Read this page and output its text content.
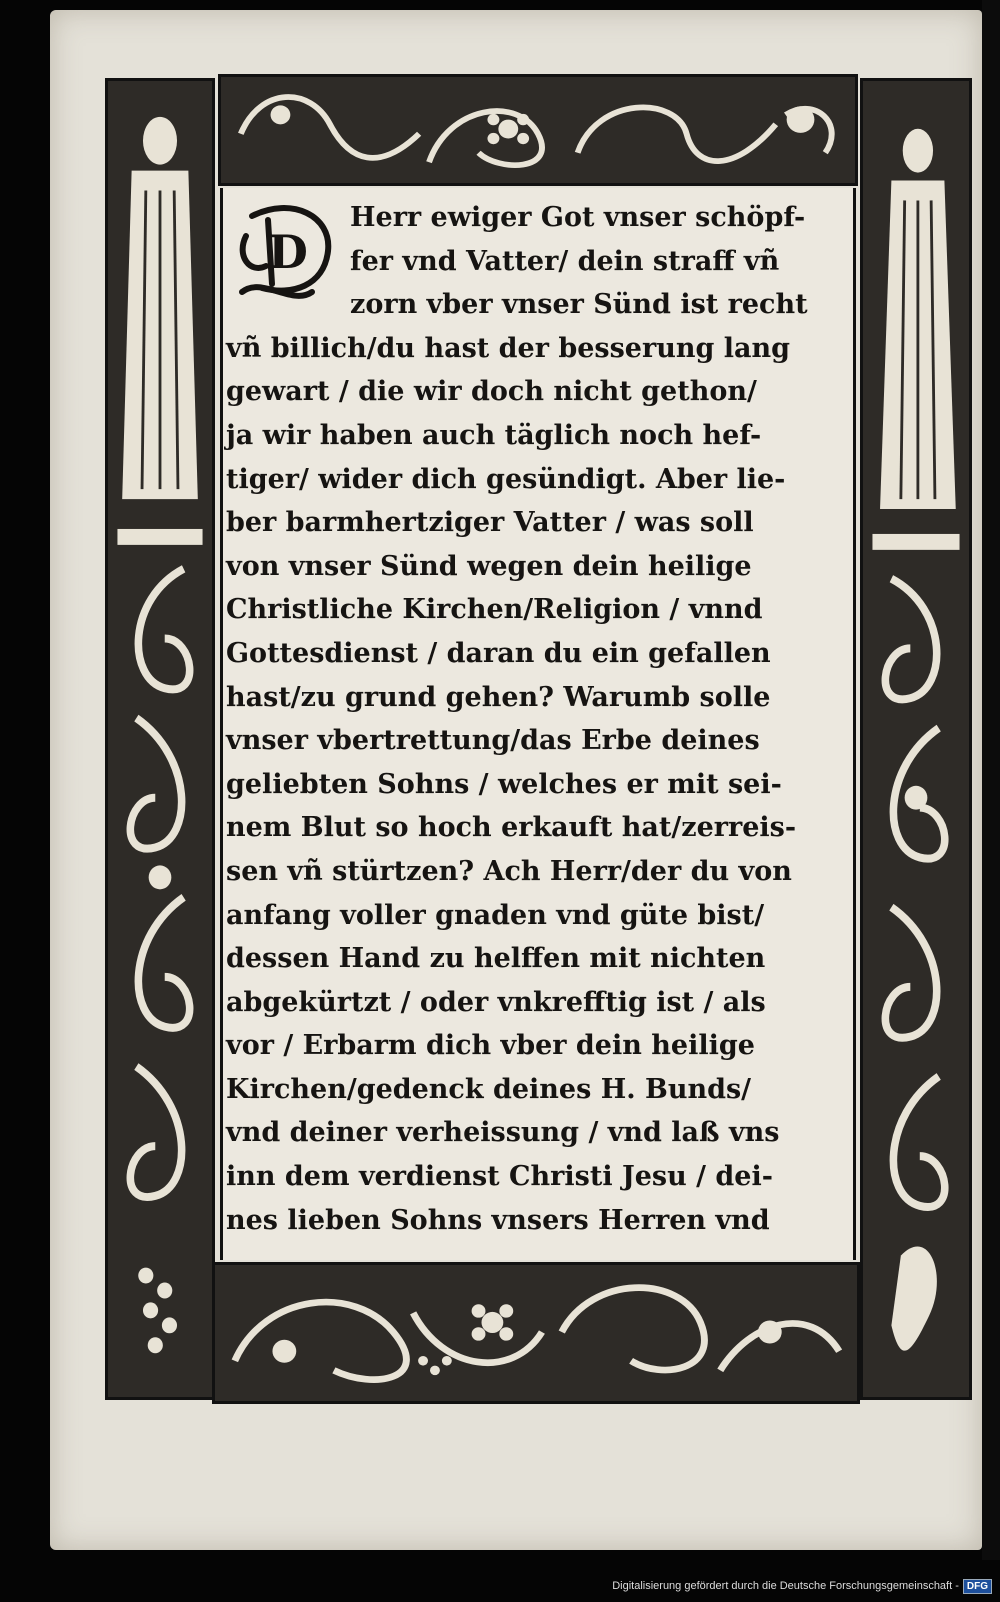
D
Herr ewiger Got vnser schöpf-
fer vnd Vatter/ dein straff vñ
zorn vber vnser Sünd ist recht
vñ billich/du hast der besserung lang
gewart / die wir doch nicht gethon/
ja wir haben auch täglich noch hef-
tiger/ wider dich gesündigt. Aber lie-
ber barmhertziger Vatter / was soll
von vnser Sünd wegen dein heilige
Christliche Kirchen/Religion / vnnd
Gottesdienst / daran du ein gefallen
hast/zu grund gehen? Warumb solle
vnser vbertrettung/das Erbe deines
geliebten Sohns / welches er mit sei-
nem Blut so hoch erkauft hat/zerreis-
sen vñ stürtzen? Ach Herr/der du von
anfang voller gnaden vnd güte bist/
dessen Hand zu helffen mit nichten
abgekürtzt / oder vnkrefftig ist / als
vor / Erbarm dich vber dein heilige
Kirchen/gedenck deines H. Bunds/
vnd deiner verheissung / vnd laß vns
inn dem verdienst Christi Jesu / dei-
nes lieben Sohns vnsers Herren vnd
Digitalisierung gefördert durch die Deutsche Forschungsgemeinschaft - DFG
